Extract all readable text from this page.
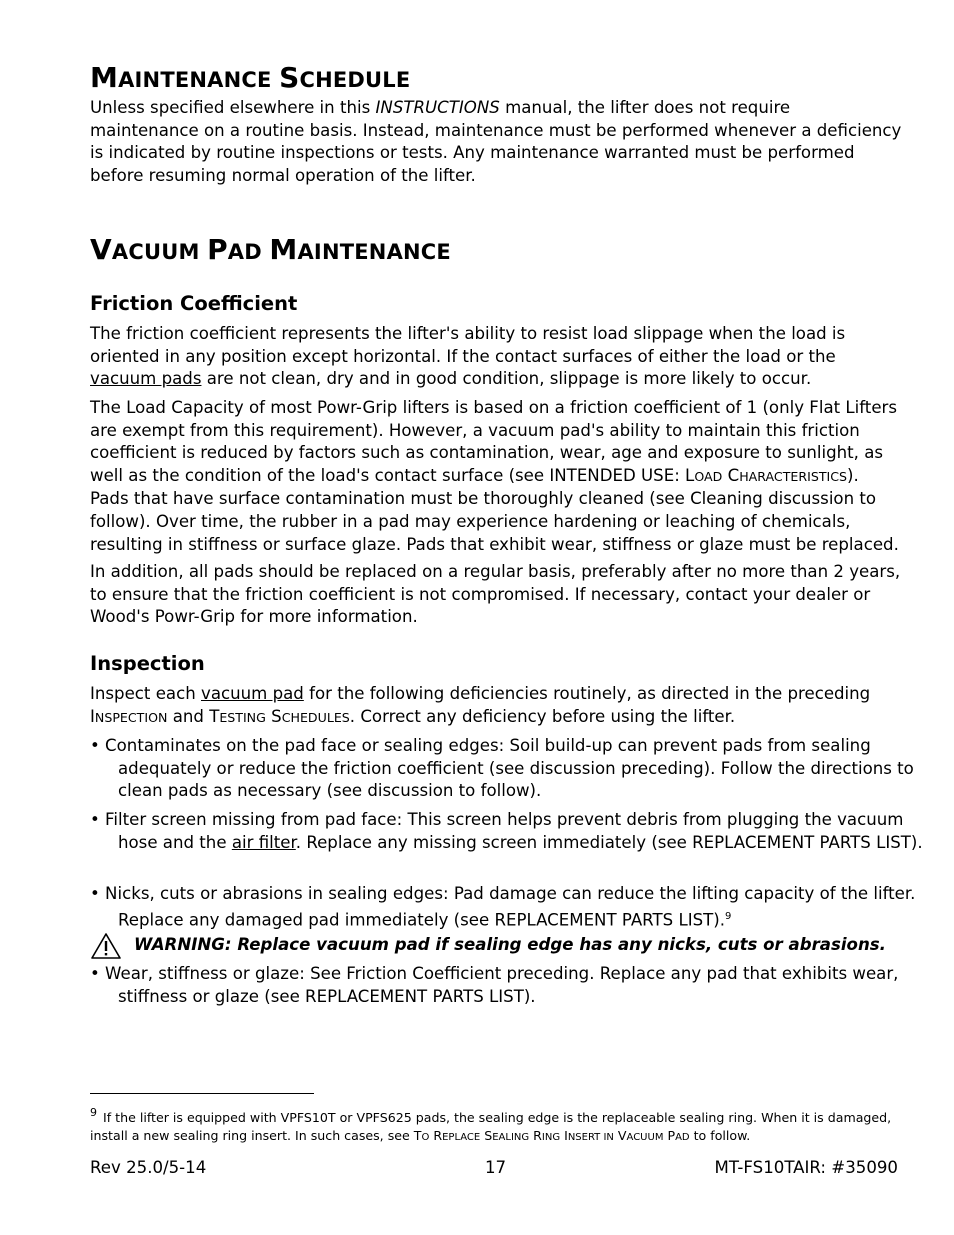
MAINTENANCE SCHEDULE

Unless specified elsewhere in this INSTRUCTIONS manual, the lifter does not require maintenance on a routine basis. Instead, maintenance must be performed whenever a deficiency is indicated by routine inspections or tests. Any maintenance warranted must be performed before resuming normal operation of the lifter.

VACUUM PAD MAINTENANCE
Friction Coefficient

The friction coefficient represents the lifter's ability to resist load slippage when the load is oriented in any position except horizontal. If the contact surfaces of either the load or the vacuum pads are not clean, dry and in good condition, slippage is more likely to occur.

The Load Capacity of most Powr-Grip lifters is based on a friction coefficient of 1 (only Flat Lifters are exempt from this requirement). However, a vacuum pad's ability to maintain this friction coefficient is reduced by factors such as contamination, wear, age and exposure to sunlight, as well as the condition of the load's contact surface (see INTENDED USE: LOAD CHARACTERISTICS). Pads that have surface contamination must be thoroughly cleaned (see Cleaning discussion to follow). Over time, the rubber in a pad may experience hardening or leaching of chemicals, resulting in stiffness or surface glaze. Pads that exhibit wear, stiffness or glaze must be replaced.

In addition, all pads should be replaced on a regular basis, preferably after no more than 2 years, to ensure that the friction coefficient is not compromised. If necessary, contact your dealer or Wood's Powr-Grip for more information.

Inspection

Inspect each vacuum pad for the following deficiencies routinely, as directed in the preceding INSPECTION and TESTING SCHEDULES. Correct any deficiency before using the lifter.

• Contaminates on the pad face or sealing edges: Soil build-up can prevent pads from sealing adequately or reduce the friction coefficient (see discussion preceding). Follow the directions to clean pads as necessary (see discussion to follow).

• Filter screen missing from pad face: This screen helps prevent debris from plugging the vacuum hose and the air filter. Replace any missing screen immediately (see REPLACEMENT PARTS LIST).

• Nicks, cuts or abrasions in sealing edges: Pad damage can reduce the lifting capacity of the lifter. Replace any damaged pad immediately (see REPLACEMENT PARTS LIST).$^9$

WARNING: Replace vacuum pad if sealing edge has any nicks, cuts or abrasions.

• Wear, stiffness or glaze: See Friction Coefficient preceding. Replace any pad that exhibits wear, stiffness or glaze (see REPLACEMENT PARTS LIST).

$^9$ If the lifter is equipped with VPFS10T or VPFS625 pads, the sealing edge is the replaceable sealing ring. When it is damaged, install a new sealing ring insert. In such cases, see TO REPLACE SEALING RING INSERT IN VACUUM PAD to follow.

Rev 25.0/5-14	17	MT-FS10TAIR: #35090
